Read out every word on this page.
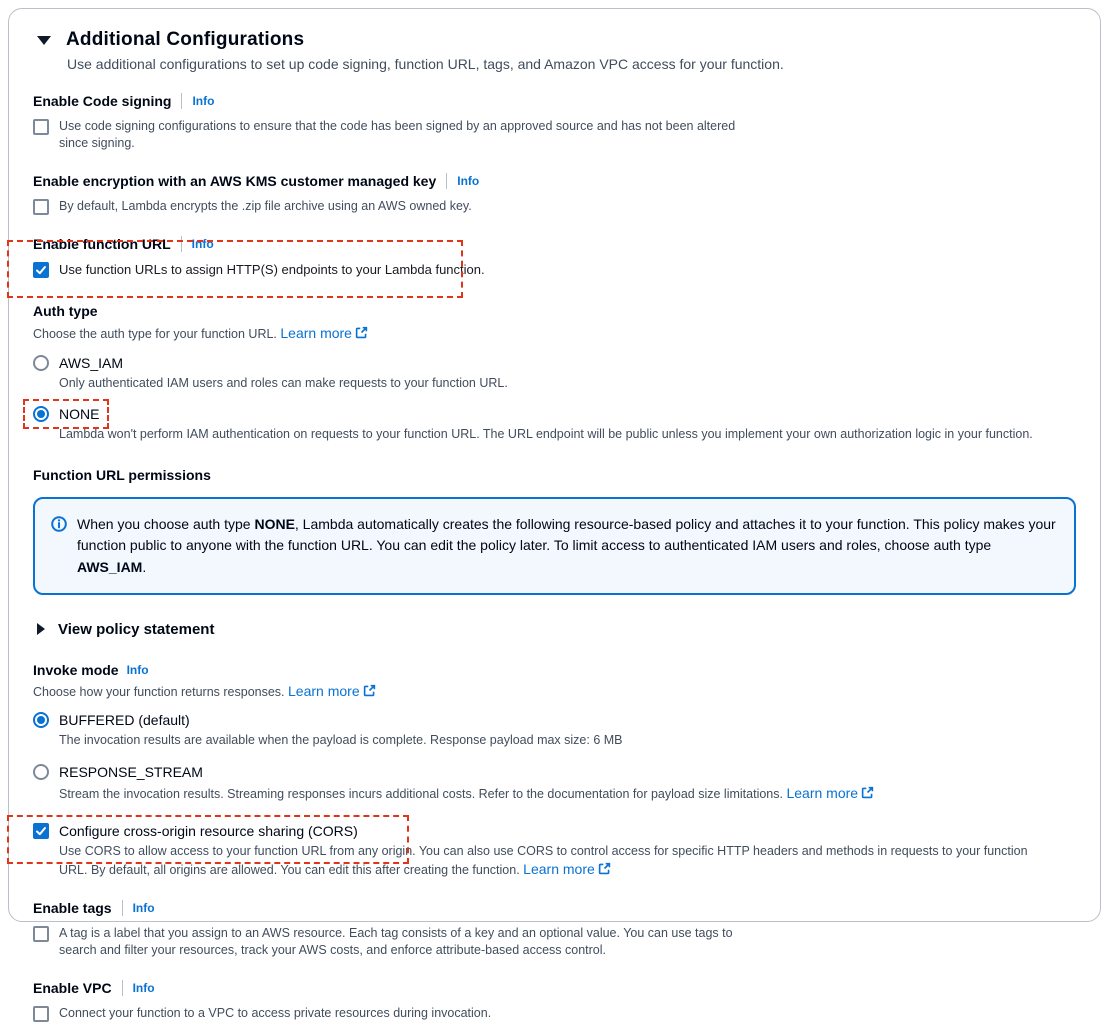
Additional Configurations
Use additional configurations to set up code signing, function URL, tags, and Amazon VPC access for your function.
Enable Code signing Info
Use code signing configurations to ensure that the code has been signed by an approved source and has not been altered since signing.
Enable encryption with an AWS KMS customer managed key Info
By default, Lambda encrypts the .zip file archive using an AWS owned key.
Enable function URL Info
Use function URLs to assign HTTP(S) endpoints to your Lambda function.
Auth type
Choose the auth type for your function URL. Learn more
AWS_IAM
Only authenticated IAM users and roles can make requests to your function URL.
NONE
Lambda won't perform IAM authentication on requests to your function URL. The URL endpoint will be public unless you implement your own authorization logic in your function.
Function URL permissions
When you choose auth type NONE, Lambda automatically creates the following resource-based policy and attaches it to your function. This policy makes your function public to anyone with the function URL. You can edit the policy later. To limit access to authenticated IAM users and roles, choose auth type AWS_IAM.
View policy statement
Invoke mode Info
Choose how your function returns responses. Learn more
BUFFERED (default)
The invocation results are available when the payload is complete. Response payload max size: 6 MB
RESPONSE_STREAM
Stream the invocation results. Streaming responses incurs additional costs. Refer to the documentation for payload size limitations. Learn more
Configure cross-origin resource sharing (CORS)
Use CORS to allow access to your function URL from any origin. You can also use CORS to control access for specific HTTP headers and methods in requests to your function URL. By default, all origins are allowed. You can edit this after creating the function. Learn more
Enable tags Info
A tag is a label that you assign to an AWS resource. Each tag consists of a key and an optional value. You can use tags to search and filter your resources, track your AWS costs, and enforce attribute-based access control.
Enable VPC Info
Connect your function to a VPC to access private resources during invocation.
